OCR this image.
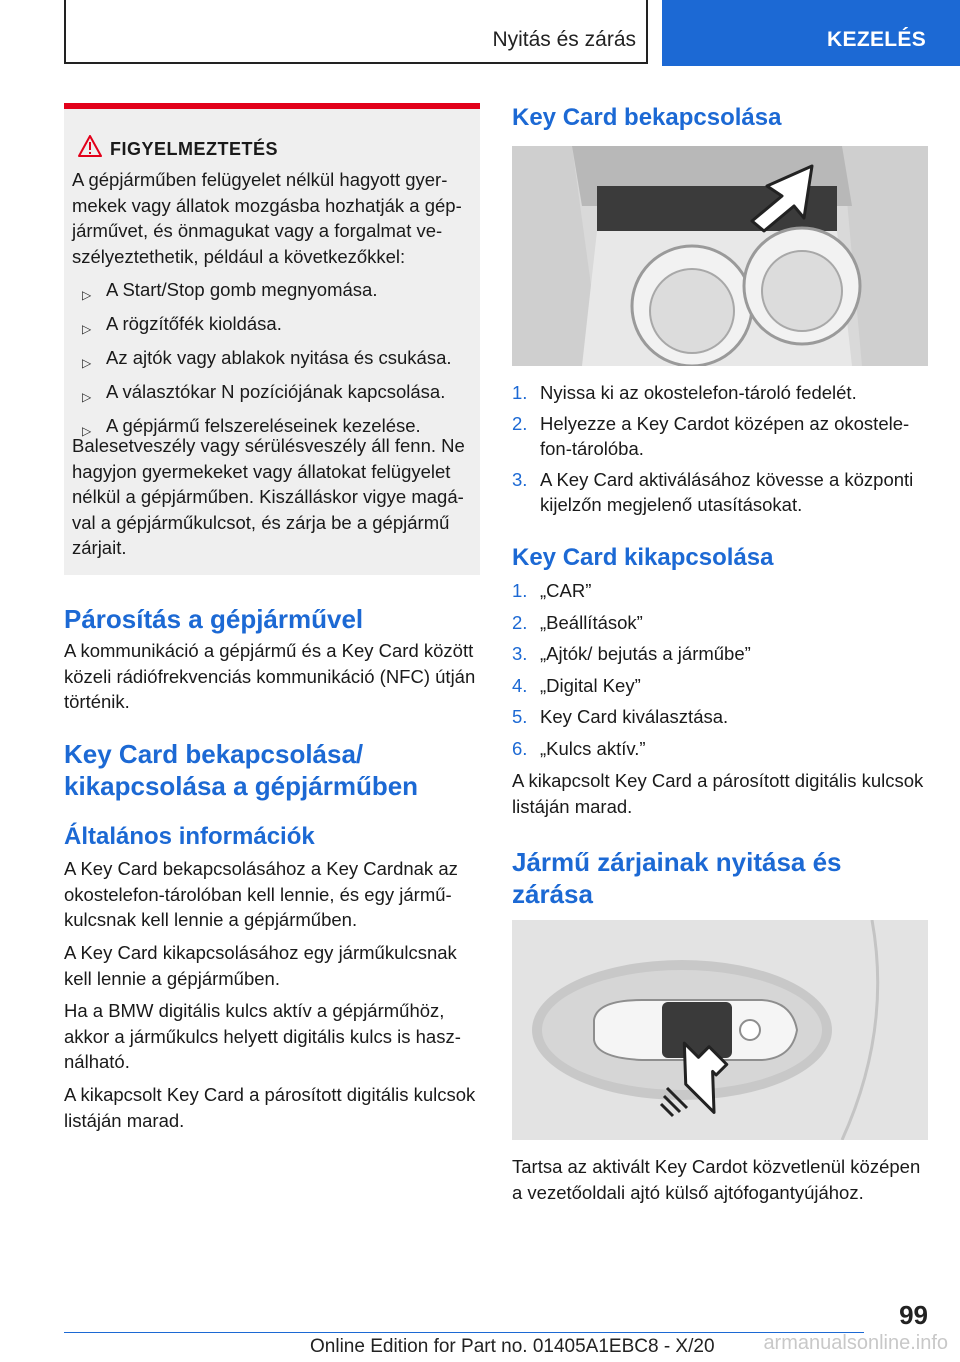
Nyitás és zárás	KEZELÉS
FIGYELMEZTETÉS

A gépjárműben felügyelet nélkül hagyott gyermekek vagy állatok mozgásba hozhatják a gépjárművet, és önmagukat vagy a forgalmat veszélyeztethetik, például a következőkkel:

▷ A Start/Stop gomb megnyomása.
▷ A rögzítőfék kioldása.
▷ Az ajtók vagy ablakok nyitása és csukása.
▷ A választókar N pozíciójának kapcsolása.
▷ A gépjármű felszereléseinek kezelése.

Balesetveszély vagy sérülésveszély áll fenn. Ne hagyjon gyermekeket vagy állatokat felügyelet nélkül a gépjárműben. Kiszálláskor vigye magával a gépjárműkulcsot, és zárja be a gépjármű zárjait.

Párosítás a gépjárművel

A kommunikáció a gépjármű és a Key Card között közeli rádiófrekvenciás kommunikáció (NFC) útján történik.

Key Card bekapcsolása/ kikapcsolása a gépjárműben
Általános információk

A Key Card bekapcsolásához a Key Cardnak az okostelefon-tárolóban kell lennie, és egy járműkulcsnak kell lennie a gépjárműben.

A Key Card kikapcsolásához egy járműkulcsnak kell lennie a gépjárműben.

Ha a BMW digitális kulcs aktív a gépjárműhöz, akkor a járműkulcs helyett digitális kulcs is használható.

A kikapcsolt Key Card a párosított digitális kulcsok listáján marad.

Key Card bekapcsolása
1. Nyissa ki az okostelefon-tároló fedelét.
2. Helyezze a Key Cardot középen az okostelefon-tárolóba.
3. A Key Card aktiválásához kövesse a központi kijelzőn megjelenő utasításokat.
Key Card kikapcsolása
1. „CAR”
2. „Beállítások”
3. „Ajtók/ bejutás a járműbe”
4. „Digital Key”
5. Key Card kiválasztása.
6. „Kulcs aktív.”

A kikapcsolt Key Card a párosított digitális kulcsok listáján marad.

Jármű zárjainak nyitása és zárása

Tartsa az aktivált Key Cardot közvetlenül középen a vezetőoldali ajtó külső ajtófogantyújához.

99
Online Edition for Part no. 01405A1EBC8 - X/20 armanualsonline.info
